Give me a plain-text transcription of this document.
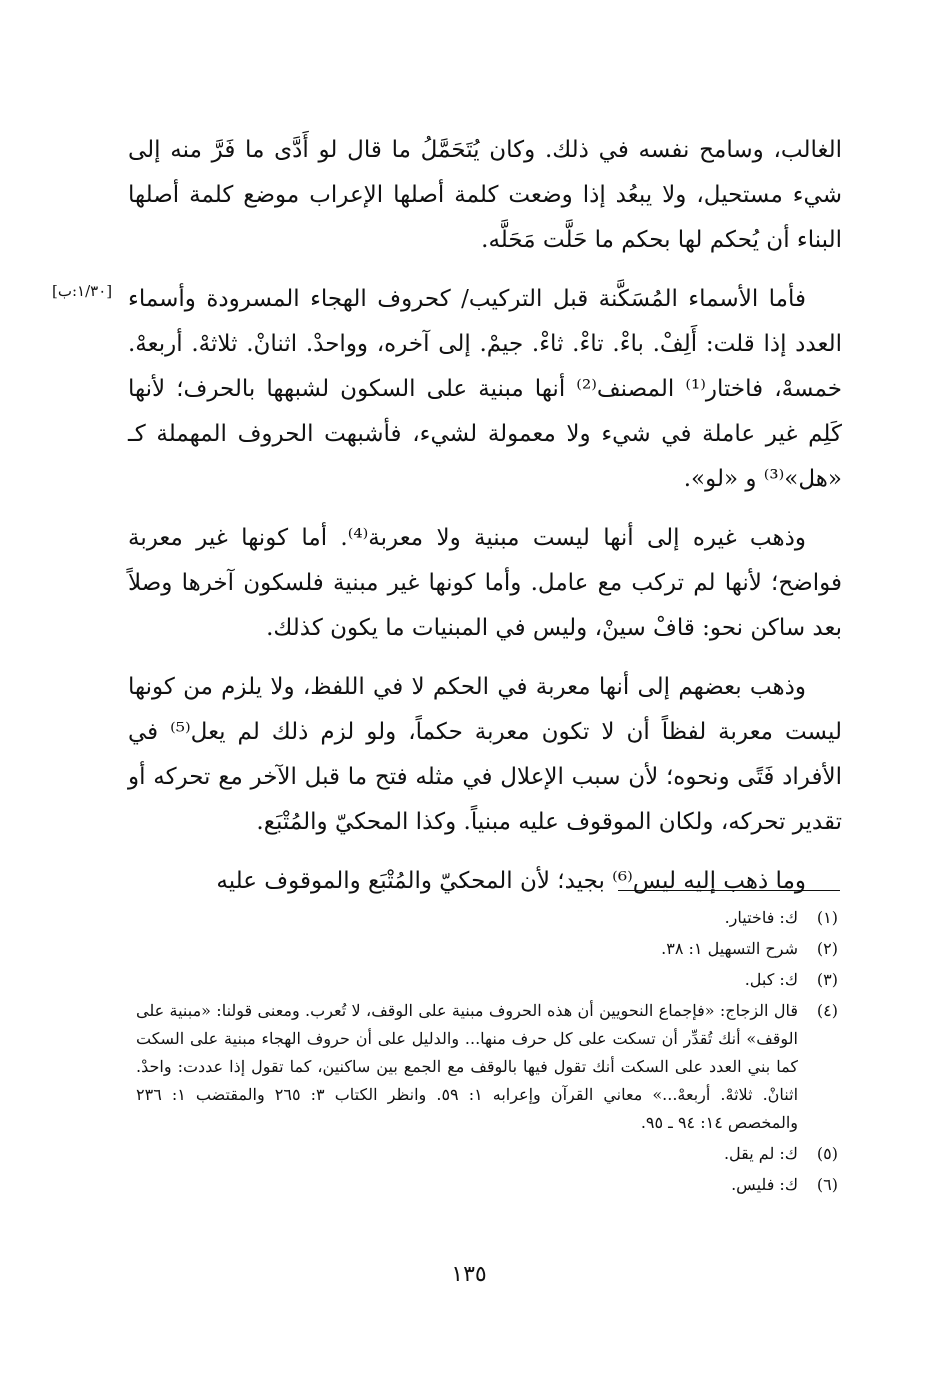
الغالب، وسامح نفسه في ذلك. وكان يُتَحَمَّلُ ما قال لو أَدَّى ما فَرَّ منه إلى شيء مستحيل، ولا يبعُد إذا وضعت كلمة أصلها الإعراب موضع كلمة أصلها البناء أن يُحكم لها بحكم ما حَلَّت مَحَلَّه.

فأما الأسماء المُسَكَّنة قبل التركيب/ كحروف الهجاء المسرودة وأسماء العدد إذا قلت: أَلِفْ. باءْ. تاءْ. ثاءْ. جيمْ. إلى آخره، وواحدْ. اثنانْ. ثلاثهْ. أربعهْ. خمسهْ، فاختار⁽¹⁾ المصنف⁽²⁾ أنها مبنية على السكون لشبهها بالحرف؛ لأنها كَلِم غير عاملة في شيء ولا معمولة لشيء، فأشبهت الحروف المهملة كـ «هل»⁽³⁾ و «لو».

وذهب غيره إلى أنها ليست مبنية ولا معربة⁽⁴⁾. أما كونها غير معربة فواضح؛ لأنها لم تركب مع عامل. وأما كونها غير مبنية فلسكون آخرها وصلاً بعد ساكن نحو: قافْ سينْ، وليس في المبنيات ما يكون كذلك.

وذهب بعضهم إلى أنها معربة في الحكم لا في اللفظ، ولا يلزم من كونها ليست معربة لفظاً أن لا تكون معربة حكماً، ولو لزم ذلك لم يعل⁽⁵⁾ في الأفراد فَتًى ونحوه؛ لأن سبب الإعلال في مثله فتح ما قبل الآخر مع تحركه أو تقدير تحركه، ولكان الموقوف عليه مبنياً. وكذا المحكيّ والمُتْبَع.

وما ذهب إليه ليس⁽⁶⁾ بجيد؛ لأن المحكيّ والمُتْبَع والموقوف عليه

[١/٣٠:ب]
(١)
ك: فاختيار.
(٢)
شرح التسهيل ١: ٣٨.
(٣)
ك: كبل.
(٤)
قال الزجاج: «فإجماع النحويين أن هذه الحروف مبنية على الوقف، لا تُعرب. ومعنى قولنا: «مبنية على الوقف» أنك تُقدِّر أن تسكت على كل حرف منها... والدليل على أن حروف الهجاء مبنية على السكت كما بني العدد على السكت أنك تقول فيها بالوقف مع الجمع بين ساكنين، كما تقول إذا عددت: واحدْ. اثنانْ. ثلاثهْ. أربعهْ...» معاني القرآن وإعرابه ١: ٥٩. وانظر الكتاب ٣: ٢٦٥ والمقتضب ١: ٢٣٦ والمخصص ١٤: ٩٤ ـ ٩٥.
(٥)
ك: لم يقل.
(٦)
ك: فليس.
١٣٥
